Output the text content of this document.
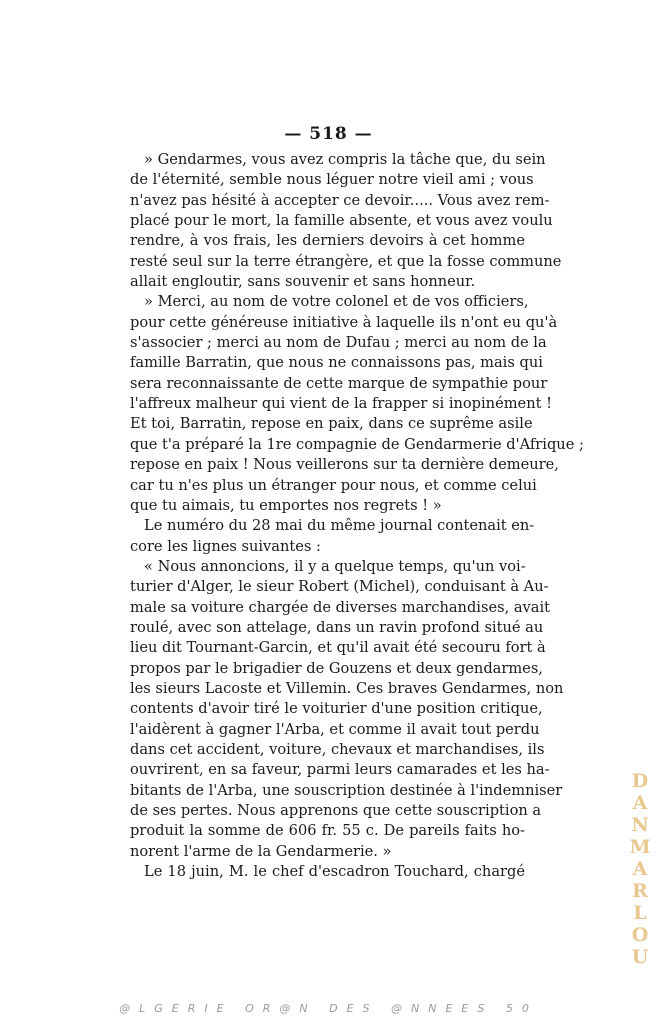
— 518 —
» Gendarmes, vous avez compris la tâche que, du sein
de l'éternité, semble nous léguer notre vieil ami ; vous
n'avez pas hésité à accepter ce devoir..... Vous avez rem-
placé pour le mort, la famille absente, et vous avez voulu
rendre, à vos frais, les derniers devoirs à cet homme
resté seul sur la terre étrangère, et que la fosse commune
allait engloutir, sans souvenir et sans honneur.
» Merci, au nom de votre colonel et de vos officiers,
pour cette généreuse initiative à laquelle ils n'ont eu qu'à
s'associer ; merci au nom de Dufau ; merci au nom de la
famille Barratin, que nous ne connaissons pas, mais qui
sera reconnaissante de cette marque de sympathie pour
l'affreux malheur qui vient de la frapper si inopinément !
Et toi, Barratin, repose en paix, dans ce suprême asile
que t'a préparé la 1re compagnie de Gendarmerie d'Afrique ;
repose en paix ! Nous veillerons sur ta dernière demeure,
car tu n'es plus un étranger pour nous, et comme celui
que tu aimais, tu emportes nos regrets ! »
Le numéro du 28 mai du même journal contenait en-
core les lignes suivantes :
« Nous annoncions, il y a quelque temps, qu'un voi-
turier d'Alger, le sieur Robert (Michel), conduisant à Au-
male sa voiture chargée de diverses marchandises, avait
roulé, avec son attelage, dans un ravin profond situé au
lieu dit Tournant-Garcin, et qu'il avait été secouru fort à
propos par le brigadier de Gouzens et deux gendarmes,
les sieurs Lacoste et Villemin. Ces braves Gendarmes, non
contents d'avoir tiré le voiturier d'une position critique,
l'aidèrent à gagner l'Arba, et comme il avait tout perdu
dans cet accident, voiture, chevaux et marchandises, ils
ouvrirent, en sa faveur, parmi leurs camarades et les ha-
bitants de l'Arba, une souscription destinée à l'indemniser
de ses pertes. Nous apprenons que cette souscription a
produit la somme de 606 fr. 55 c. De pareils faits ho-
norent l'arme de la Gendarmerie. »
Le 18 juin, M. le chef d'escadron Touchard, chargé
D
A
N
M
A
R
L
O
U
@LGERIE OR@N DES @NNEES 50
